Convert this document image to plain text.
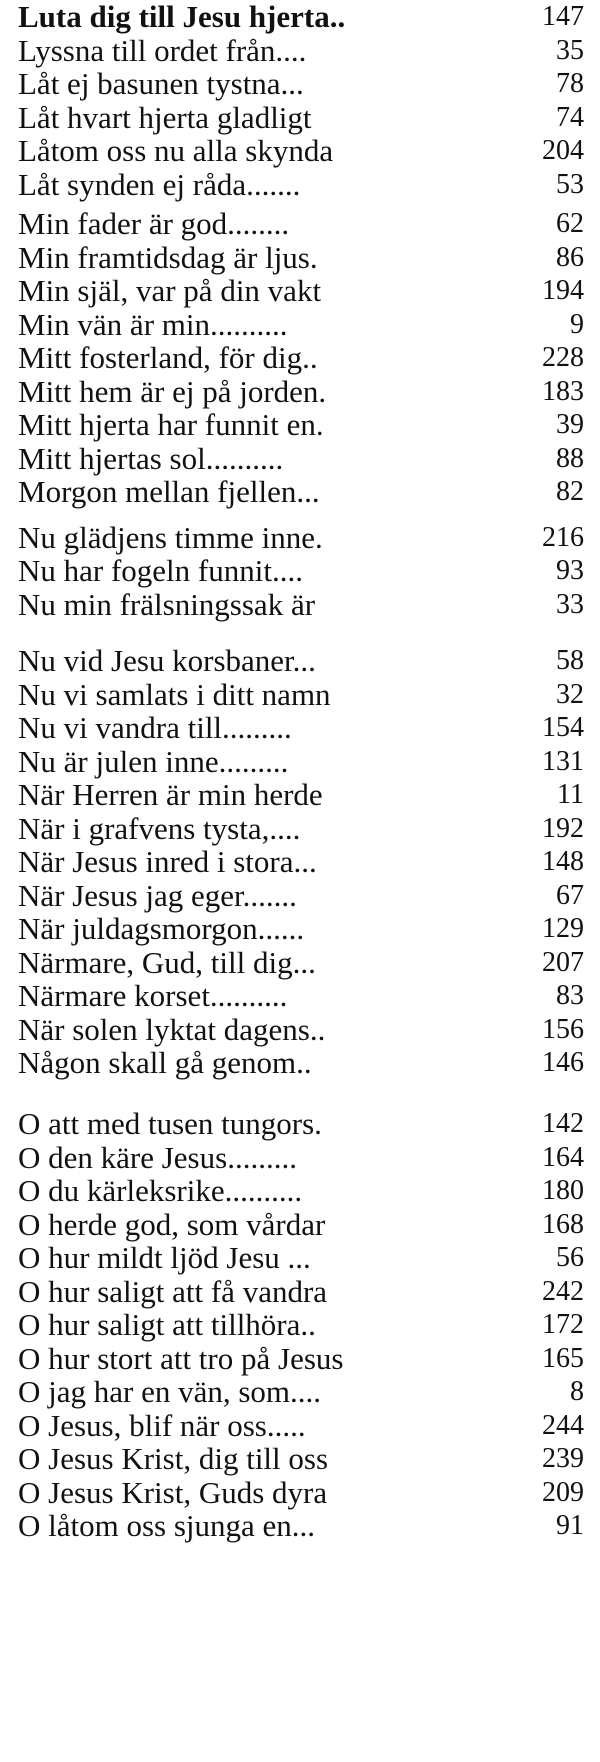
Luta dig till Jesu hjerta..	147
Lyssna till ordet från....	35
Låt ej basunen tystna...	78
Låt hvart hjerta gladligt	74
Låtom oss nu alla skynda	204
Låt synden ej råda.......	53
Min fader är god........	62
Min framtidsdag är ljus.	86
Min själ, var på din vakt	194
Min vän är min..........	9
Mitt fosterland, för dig..	228
Mitt hem är ej på jorden.	183
Mitt hjerta har funnit en.	39
Mitt hjertas sol..........	88
Morgon mellan fjellen...	82
Nu glädjens timme inne.	216
Nu har fogeln funnit....	93
Nu min frälsningssak är	33
Nu vid Jesu korsbaner...	58
Nu vi samlats i ditt namn	32
Nu vi vandra till.........	154
Nu är julen inne.........	131
När Herren är min herde	11
När i grafvens tysta,....	192
När Jesus inred i stora...	148
När Jesus jag eger.......	67
När juldagsmorgon......	129
Närmare, Gud, till dig...	207
Närmare korset..........	83
När solen lyktat dagens..	156
Någon skall gå genom..	146
O att med tusen tungors.	142
O den käre Jesus.........	164
O du kärleksrike..........	180
O herde god, som vårdar	168
O hur mildt ljöd Jesu ...	56
O hur saligt att få vandra	242
O hur saligt att tillhöra..	172
O hur stort att tro på Jesus	165
O jag har en vän, som....	8
O Jesus, blif när oss.....	244
O Jesus Krist, dig till oss	239
O Jesus Krist, Guds dyra	209
O låtom oss sjunga en...	91
